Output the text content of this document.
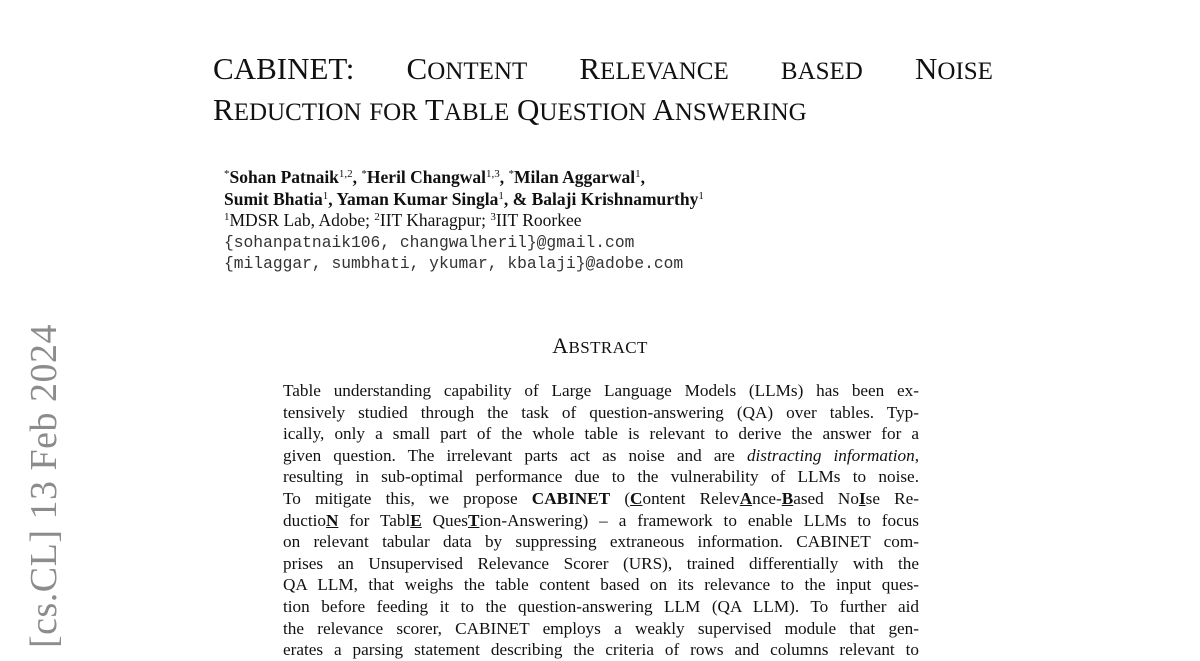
[cs.CL] 13 Feb 2024
CABINET: CONTENT RELEVANCE BASED NOISE
REDUCTION FOR TABLE QUESTION ANSWERING
*Sohan Patnaik$^{1,2}$, *Heril Changwal$^{1,3}$, *Milan Aggarwal$^1$,
Sumit Bhatia$^1$, Yaman Kumar Singla$^1$, & Balaji Krishnamurthy$^1$
$^1$MDSR Lab, Adobe; $^2$IIT Kharagpur; $^3$IIT Roorkee
{sohanpatnaik106, changwalheril}@gmail.com
{milaggar, sumbhati, ykumar, kbalaji}@adobe.com
ABSTRACT
Table understanding capability of Large Language Models (LLMs) has been ex-
tensively studied through the task of question-answering (QA) over tables. Typ-
ically, only a small part of the whole table is relevant to derive the answer for a
given question. The irrelevant parts act as noise and are distracting information,
resulting in sub-optimal performance due to the vulnerability of LLMs to noise.
To mitigate this, we propose CABINET (Content RelevAnce-Based NoIse Re-
ductioN for TablE QuesTion-Answering) – a framework to enable LLMs to focus
on relevant tabular data by suppressing extraneous information. CABINET com-
prises an Unsupervised Relevance Scorer (URS), trained differentially with the
QA LLM, that weighs the table content based on its relevance to the input ques-
tion before feeding it to the question-answering LLM (QA LLM). To further aid
the relevance scorer, CABINET employs a weakly supervised module that gen-
erates a parsing statement describing the criteria of rows and columns relevant to
